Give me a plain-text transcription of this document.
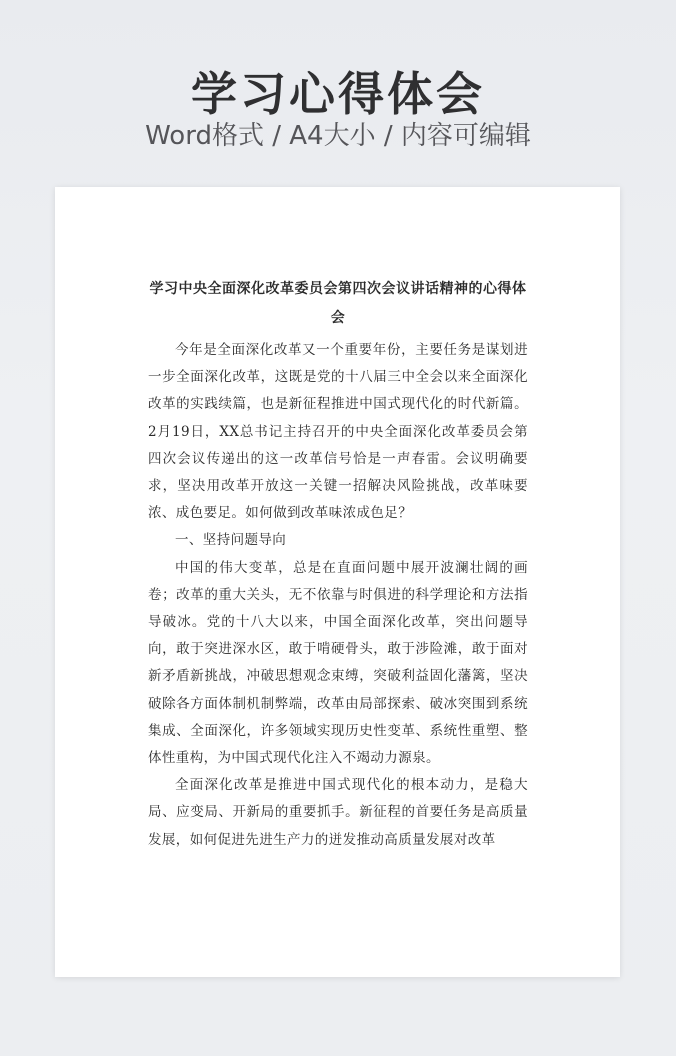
学习心得体会
Word格式 / A4大小 / 内容可编辑
学习中央全面深化改革委员会第四次会议讲话精神的心得体会

今年是全面深化改革又一个重要年份，主要任务是谋划进一步全面深化改革，这既是党的十八届三中全会以来全面深化改革的实践续篇，也是新征程推进中国式现代化的时代新篇。2月19日，XX总书记主持召开的中央全面深化改革委员会第四次会议传递出的这一改革信号恰是一声春雷。会议明确要求，坚决用改革开放这一关键一招解决风险挑战，改革味要浓、成色要足。如何做到改革味浓成色足？

一、坚持问题导向

中国的伟大变革，总是在直面问题中展开波澜壮阔的画卷；改革的重大关头，无不依靠与时俱进的科学理论和方法指导破冰。党的十八大以来，中国全面深化改革，突出问题导向，敢于突进深水区，敢于啃硬骨头，敢于涉险滩，敢于面对新矛盾新挑战，冲破思想观念束缚，突破利益固化藩篱，坚决破除各方面体制机制弊端，改革由局部探索、破冰突围到系统集成、全面深化，许多领域实现历史性变革、系统性重塑、整体性重构，为中国式现代化注入不竭动力源泉。

全面深化改革是推进中国式现代化的根本动力，是稳大局、应变局、开新局的重要抓手。新征程的首要任务是高质量发展，如何促进先进生产力的迸发推动高质量发展对改革
